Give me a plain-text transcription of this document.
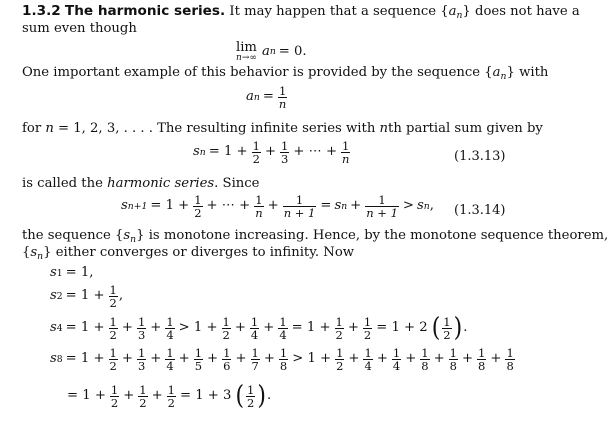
1.3.2 The harmonic series. It may happen that a sequence $\{a_n\}$ does not have a
sum even though
lim
n→∞ a n = 0.
One important example of this behavior is provided by the sequence $\{a_n\}$ with
a $n = \frac{1}{n}$
for n = 1, 2, 3, . . . . The resulting infinite series with nth partial sum given by
s $n = 1 + \frac{1}{2} + \frac{1}{3}$ + ⋯ + $\frac{1}{n}$	(1.3.13)
is called the harmonic series. Since
s $n+1 = 1 + \frac{1}{2}$ + ⋯ + $\frac{1}{n} + \frac{1}{n + 1} = s$ $n + \frac{1}{n + 1} > s$ n , (1.3.14)
the sequence $\{s_n\}$ is monotone increasing. Hence, by the monotone sequence theorem,
$\{s_n\}$ either converges or diverges to infinity. Now
s 1 = 1,
s $2 = 1 + \frac{1}{2}$ ,
s $4 = 1 + \frac{1}{2} + \frac{1}{3} + \frac{1}{4} > 1 + \frac{1}{2} + \frac{1}{4} + \frac{1}{4} = 1 + \frac{1}{2} + \frac{1}{2} = 1 + 2$ ( $\frac{1}{2}$ ) .
s $8 = 1 + \frac{1}{2} + \frac{1}{3} + \frac{1}{4} + \frac{1}{5} + \frac{1}{6} + \frac{1}{7} + \frac{1}{8} > 1 + \frac{1}{2} + \frac{1}{4} + \frac{1}{4} + \frac{1}{8} + \frac{1}{8} + \frac{1}{8} + \frac{1}{8}$
= $1 + \frac{1}{2} + \frac{1}{2} + \frac{1}{2} = 1 + 3$ ( $\frac{1}{2}$ ) .
